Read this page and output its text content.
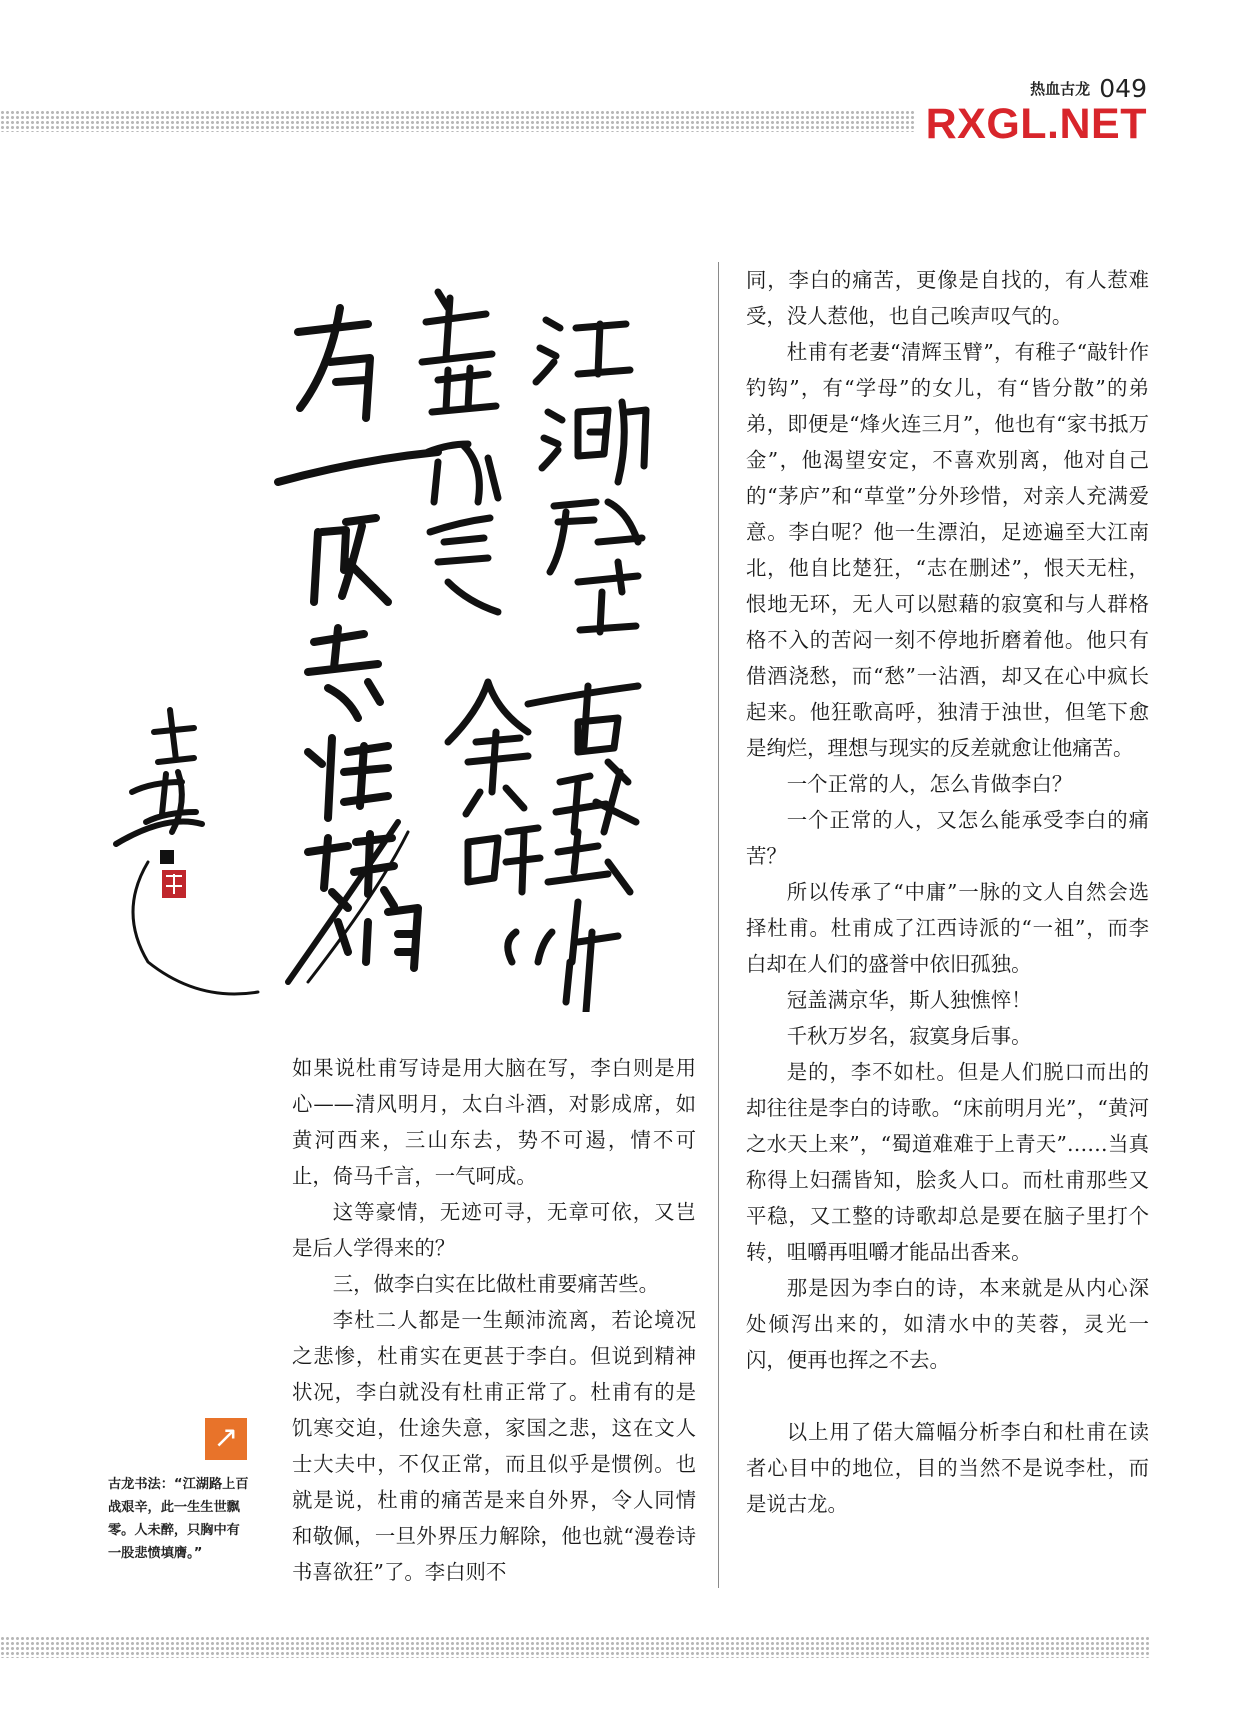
热血古龙 049
RXGL.NET

如果说杜甫写诗是用大脑在写，李白则是用心——清风明月，太白斗酒，对影成席，如黄河西来，三山东去，势不可遏，情不可止，倚马千言，一气呵成。

这等豪情，无迹可寻，无章可依，又岂是后人学得来的？

三，做李白实在比做杜甫要痛苦些。

李杜二人都是一生颠沛流离，若论境况之悲惨，杜甫实在更甚于李白。但说到精神状况，李白就没有杜甫正常了。杜甫有的是饥寒交迫，仕途失意，家国之悲，这在文人士大夫中，不仅正常，而且似乎是惯例。也就是说，杜甫的痛苦是来自外界，令人同情和敬佩，一旦外界压力解除，他也就“漫卷诗书喜欲狂”了。李白则不

同，李白的痛苦，更像是自找的，有人惹难受，没人惹他，也自己唉声叹气的。

杜甫有老妻“清辉玉臂”，有稚子“敲针作钓钩”，有“学母”的女儿，有“皆分散”的弟弟，即便是“烽火连三月”，他也有“家书抵万金”，他渴望安定，不喜欢别离，他对自己的“茅庐”和“草堂”分外珍惜，对亲人充满爱意。李白呢？他一生漂泊，足迹遍至大江南北，他自比楚狂，“志在删述”，恨天无柱，恨地无环，无人可以慰藉的寂寞和与人群格格不入的苦闷一刻不停地折磨着他。他只有借酒浇愁，而“愁”一沾酒，却又在心中疯长起来。他狂歌高呼，独清于浊世，但笔下愈是绚烂，理想与现实的反差就愈让他痛苦。

一个正常的人，怎么肯做李白？

一个正常的人，又怎么能承受李白的痛苦？

所以传承了“中庸”一脉的文人自然会选择杜甫。杜甫成了江西诗派的“一祖”，而李白却在人们的盛誉中依旧孤独。

冠盖满京华，斯人独憔悴！

千秋万岁名，寂寞身后事。

是的，李不如杜。但是人们脱口而出的却往往是李白的诗歌。“床前明月光”，“黄河之水天上来”，“蜀道难难于上青天”……当真称得上妇孺皆知，脍炙人口。而杜甫那些又平稳，又工整的诗歌却总是要在脑子里打个转，咀嚼再咀嚼才能品出香来。

那是因为李白的诗，本来就是从内心深处倾泻出来的，如清水中的芙蓉，灵光一闪，便再也挥之不去。

以上用了偌大篇幅分析李白和杜甫在读者心目中的地位，目的当然不是说李杜，而是说古龙。

↗
古龙书法：“江湖路上百战艰辛，此一生生世飘零。人未醉，只胸中有一股悲愤填膺。”
